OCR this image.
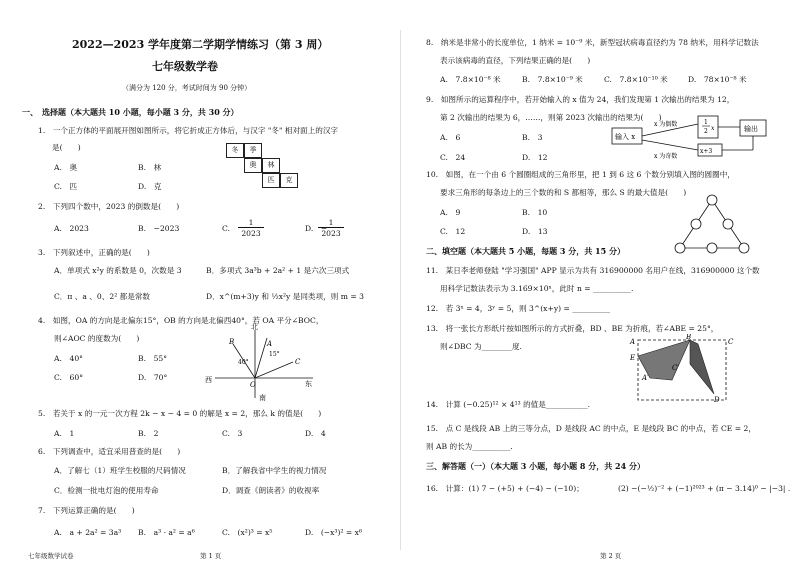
2022—2023 学年度第二学期学情练习（第 3 周）
七年级数学卷
（满分为 120 分，考试时间为 90 分钟）
一、　选择题（本大题共 10 小题，每小题 3 分，共 30 分）
1.　一个正方体的平面展开图如图所示，将它折成正方体后，与汉字 "冬" 相对面上的汉字
是(　　)
A.　奥	B.　林
C.　匹	D.　克
冬	季
奥	林
匹	克
2.　下列四个数中，2023 的倒数是(　　)
A.　2023	B.　−2023	C.
1
2023
D.　−
1
2023
3.　下列叙述中，正确的是(　　)
A．单项式 x²y 的系数是 0，次数是 3	B．多项式 3a³b + 2a² + 1 是六次三项式
C．π 、a 、0、2² 都是常数	D．x^(m+3)y 和 ½x²y 是同类项，则 m = 3
4.　如图，OA 的方向是北偏东15°，OB 的方向是北偏西40°，若 OA 平分∠BOC，
则∠AOC 的度数为(　　)
A.　40°	B.　55°
C.　60°	D.　70°
北
南
西	东
O
A
B
C
40°
15°
5.　若关于 x 的一元一次方程 2k − x − 4 = 0 的解是 x = 2，那么 k 的值是(　　)
A.　1	B.　2	C.　3	D.　4
6.　下列调查中，适宜采用普查的是(　　)
A．了解七（1）班学生校服的尺码情况	B．了解我省中学生的视力情况
C．检测一批电灯泡的使用寿命	D．调查《朗读者》的收视率
7.　下列运算正确的是(　　)
A.　a + 2a² = 3a³ B.　a³ · a² = a⁶	C.　(x²)³ = x⁵	D.　(−x³)² = x⁶
七年级数学试卷	第 1 页
8.　纳米是非常小的长度单位，1 纳米 = 10⁻⁹ 米，新型冠状病毒直径约为 78 纳米，用科学记数法
表示该病毒的直径，下列结果正确的是(　　)
A.　7.8×10⁻⁸ 米	B.　7.8×10⁻⁹ 米	C.　7.8×10⁻¹⁰ 米	D.　78×10⁻⁸ 米
9.　如图所示的运算程序中，若开始输入的 x 值为 24，我们发现第 1 次输出的结果为 12，
第 2 次输出的结果为 6，……，则第 2023 次输出的结果为(　　)
A.　6	B.　3
C.　24	D.　12
输入 x
x 为偶数	1
2 x	输出
x 为奇数
x+3
10.　如图，在一个由 6 个圆圈组成的三角形里，把 1 到 6 这 6 个数分别填入图的圆圈中，
要求三角形的每条边上的三个数的和 S 都相等，那么 S 的最大值是(　　)
A.　9	B.　10
C.　12	D.　13
二、填空题（本大题共 5 小题，每题 3 分，共 15 分）
11.　某日李老师登陆 "学习强国" APP 显示为共有 316900000 名用户在线，316900000 这个数
用科学记数法表示为 3.169×10ⁿ，此时 n = __________.
12.　若 3ˣ = 4，3ʸ = 5，则 3^(x+y) = __________
13.　将一张长方形纸片按如图所示的方式折叠，BD 、BE 为折痕，若∠ABE = 25°，
则∠DBC 为________度.	A
B
C
E
D
A′
C′
14.　计算 (−0.25)¹² × 4¹³ 的值是___________.
15.　点 C 是线段 AB 上的三等分点，D 是线段 AC 的中点，E 是线段 BC 的中点，若 CE = 2，
则 AB 的长为__________.
三、解答题（一）（本大题 3 小题，每小题 8 分，共 24 分）
16.　计算：(1) 7 − (+5) + (−4) − (−10)；	(2) −(−½)⁻² + (−1)²⁰²³ + (π − 3.14)⁰ − |−3| .
第 2 页
